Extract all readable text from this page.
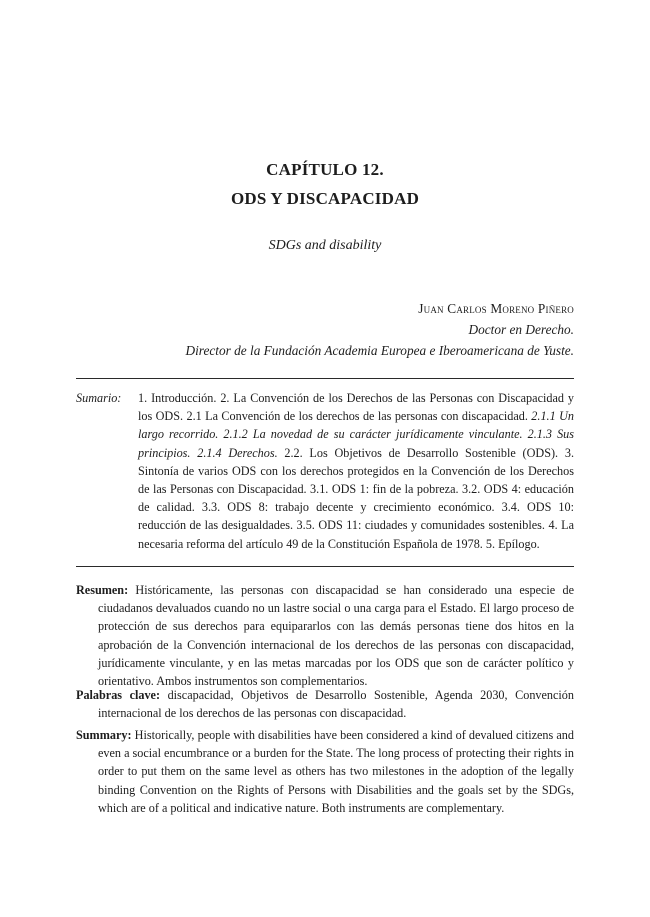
CAPÍTULO 12.
ODS Y DISCAPACIDAD
SDGs and disability
Juan Carlos Moreno Piñero
Doctor en Derecho.
Director de la Fundación Academia Europea e Iberoamericana de Yuste.
Sumario: 1. Introducción. 2. La Convención de los Derechos de las Personas con Discapacidad y los ODS. 2.1 La Convención de los derechos de las personas con discapacidad. 2.1.1 Un largo recorrido. 2.1.2 La novedad de su carácter jurídicamente vinculante. 2.1.3 Sus principios. 2.1.4 Derechos. 2.2. Los Objetivos de Desarrollo Sostenible (ODS). 3. Sintonía de varios ODS con los derechos protegidos en la Convención de los Derechos de las Personas con Discapacidad. 3.1. ODS 1: fin de la pobreza. 3.2. ODS 4: educación de calidad. 3.3. ODS 8: trabajo decente y crecimiento económico. 3.4. ODS 10: reducción de las desigualdades. 3.5. ODS 11: ciudades y comunidades sostenibles. 4. La necesaria reforma del artículo 49 de la Constitución Española de 1978. 5. Epílogo.
Resumen: Históricamente, las personas con discapacidad se han considerado una especie de ciudadanos devaluados cuando no un lastre social o una carga para el Estado. El largo proceso de protección de sus derechos para equipararlos con las demás personas tiene dos hitos en la aprobación de la Convención internacional de los derechos de las personas con discapacidad, jurídicamente vinculante, y en las metas marcadas por los ODS que son de carácter político y orientativo. Ambos instrumentos son complementarios.
Palabras clave: discapacidad, Objetivos de Desarrollo Sostenible, Agenda 2030, Convención internacional de los derechos de las personas con discapacidad.
Summary: Historically, people with disabilities have been considered a kind of devalued citizens and even a social encumbrance or a burden for the State. The long process of protecting their rights in order to put them on the same level as others has two milestones in the adoption of the legally binding Convention on the Rights of Persons with Disabilities and the goals set by the SDGs, which are of a political and indicative nature. Both instruments are complementary.
